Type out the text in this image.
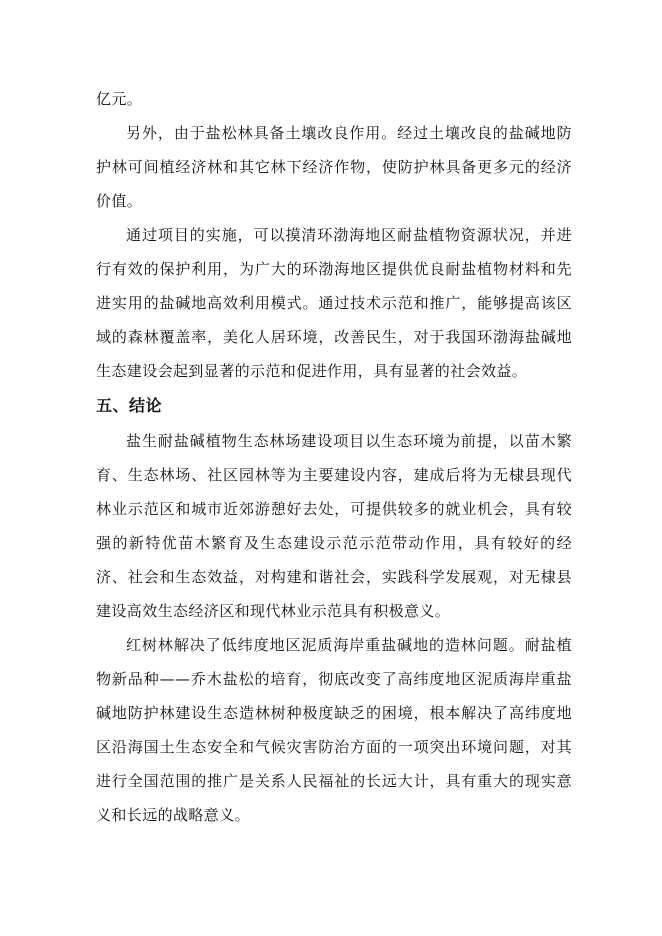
亿元。

另外，由于盐松林具备土壤改良作用。经过土壤改良的盐碱地防护林可间植经济林和其它林下经济作物，使防护林具备更多元的经济价值。

通过项目的实施，可以摸清环渤海地区耐盐植物资源状况，并进行有效的保护利用，为广大的环渤海地区提供优良耐盐植物材料和先进实用的盐碱地高效利用模式。通过技术示范和推广，能够提高该区域的森林覆盖率，美化人居环境，改善民生，对于我国环渤海盐碱地生态建设会起到显著的示范和促进作用，具有显著的社会效益。

五、结论

盐生耐盐碱植物生态林场建设项目以生态环境为前提，以苗木繁育、生态林场、社区园林等为主要建设内容，建成后将为无棣县现代林业示范区和城市近郊游憩好去处，可提供较多的就业机会，具有较强的新特优苗木繁育及生态建设示范示范带动作用，具有较好的经济、社会和生态效益，对构建和谐社会，实践科学发展观，对无棣县建设高效生态经济区和现代林业示范具有积极意义。

红树林解决了低纬度地区泥质海岸重盐碱地的造林问题。耐盐植物新品种——乔木盐松的培育，彻底改变了高纬度地区泥质海岸重盐碱地防护林建设生态造林树种极度缺乏的困境，根本解决了高纬度地区沿海国土生态安全和气候灾害防治方面的一项突出环境问题，对其进行全国范围的推广是关系人民福祉的长远大计，具有重大的现实意义和长远的战略意义。
